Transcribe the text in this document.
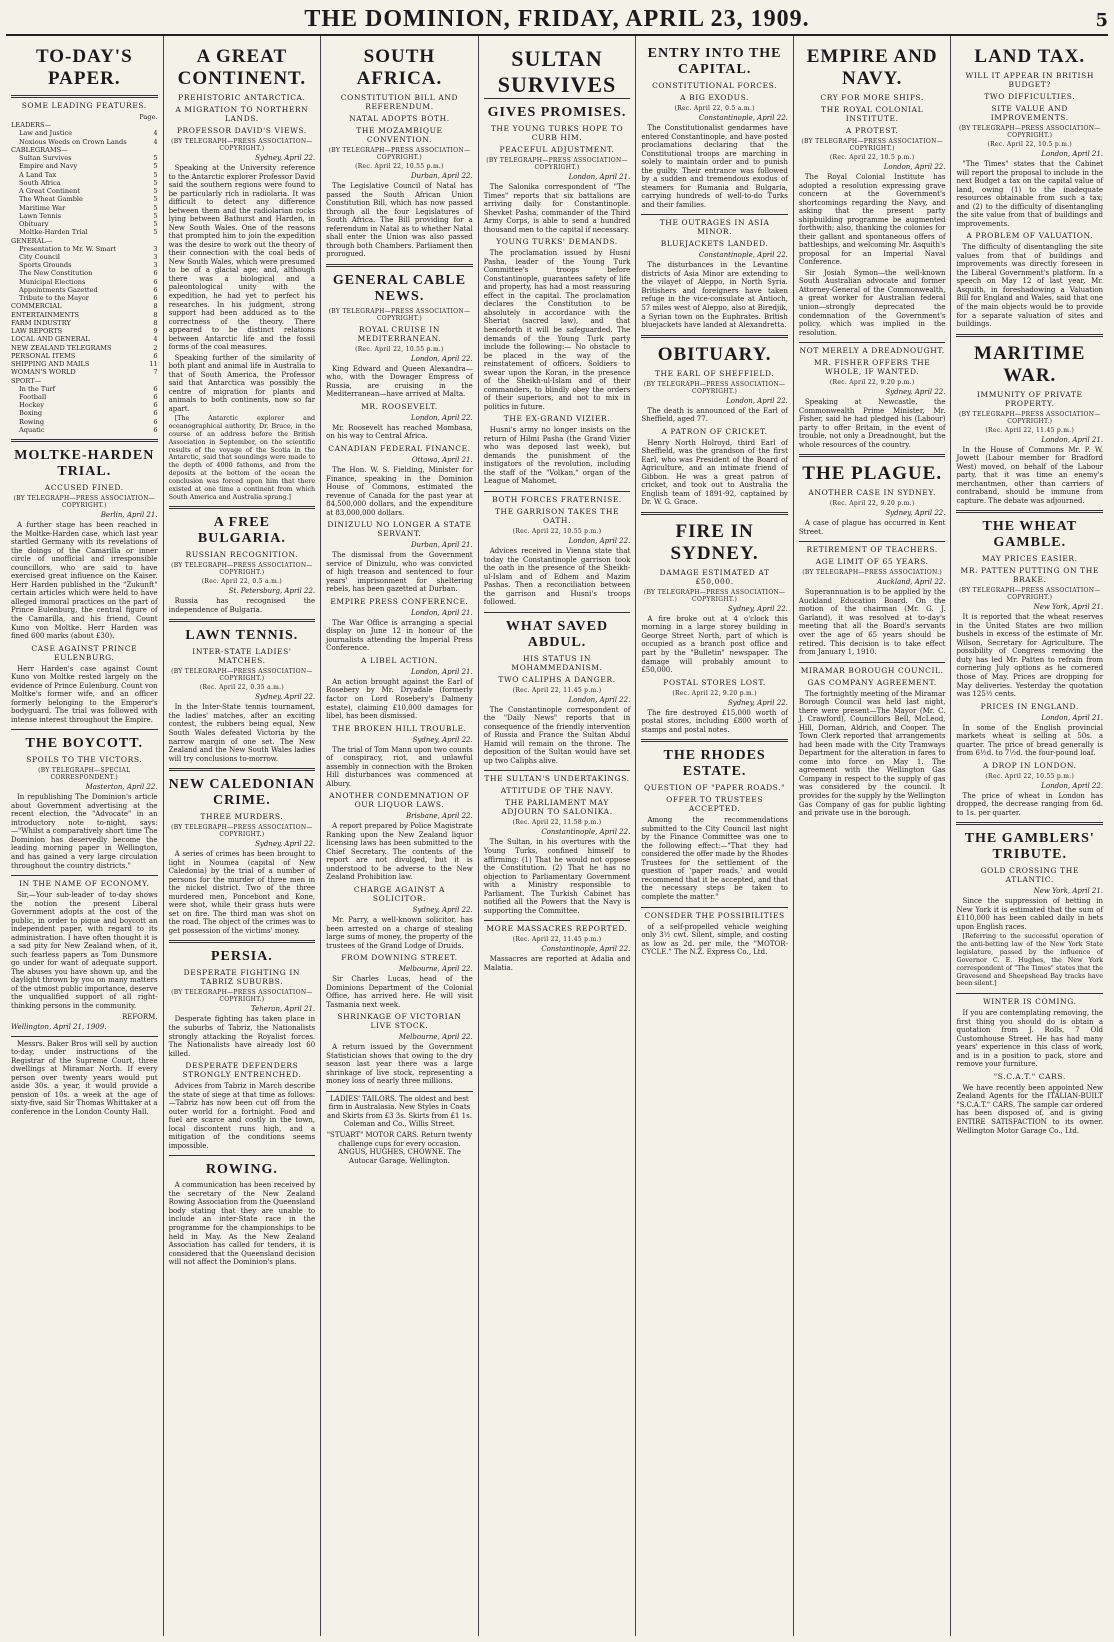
THE DOMINION, FRIDAY, APRIL 23, 1909.	5
TO-DAY'S PAPER.
SOME LEADING FEATURES.
Page.
LEADERS—
Law and Justice	4
Noxious Weeds on Crown Lands	4
CABLEGRAMS—
Sultan Survives	5
Empire and Navy	5
A Land Tax	5
South Africa	5
A Great Continent	5
The Wheat Gamble	5
Maritime War	5
Lawn Tennis	5
Obituary	5
Moltke-Harden Trial	5
GENERAL—
Presentation to Mr. W. Smart	3
City Council	3
Sports Grounds	3
The New Constitution	6
Municipal Elections	6
Appointments Gazetted	6
Tribute to the Mayor	6
COMMERCIAL	8
ENTERTAINMENTS	8
FARM INDUSTRY	8
LAW REPORTS	9
LOCAL AND GENERAL	4
NEW ZEALAND TELEGRAMS	2
PERSONAL ITEMS	6
SHIPPING AND MAILS	11
WOMAN'S WORLD	7
SPORT—
In the Turf	6
Football	6
Hockey	6
Boxing	6
Rowing	6
Aquatic	6
MOLTKE-HARDEN TRIAL.
ACCUSED FINED.
(BY TELEGRAPH—PRESS ASSOCIATION—COPYRIGHT.)
Berlin, April 21.

A further stage has been reached in the Moltke-Harden case, which last year startled Germany with its revelations of the doings of the Camarilla or inner circle of unofficial and irresponsible councillors, who are said to have exercised great influence on the Kaiser. Herr Harden published in the "Zukunft" certain articles which were held to have alleged immoral practices on the part of Prince Eulenburg, the central figure of the Camarilla, and his friend, Count Kuno von Moltke. Herr Harden was fined 600 marks (about £30).

CASE AGAINST PRINCE EULENBURG.

Herr Harden's case against Count Kuno von Moltke rested largely on the evidence of Prince Eulenburg. Count von Moltke's former wife, and an officer formerly belonging to the Emperor's bodyguard. The trial was followed with intense interest throughout the Empire.

THE BOYCOTT.
SPOILS TO THE VICTORS.
(BY TELEGRAPH—SPECIAL CORRESPONDENT.)
Masterton, April 22.

In republishing The Dominion's article about Government advertising at the recent election, the "Advocate" in an introductory note to-night, says:—"Whilst a comparatively short time The Dominion has deservedly become the leading morning paper in Wellington, and has gained a very large circulation throughout the country districts."

IN THE NAME OF ECONOMY.

Sir,—Your sub-leader of to-day shows the notion the present Liberal Government adopts at the cost of the public, in order to pique and boycott an independent paper, with regard to its administration. I have often thought it is a sad pity for New Zealand when, of it, such fearless papers as Tom Dunsmore go under for want of adequate support. The abuses you have shown up, and the daylight thrown by you on many matters of the utmost public importance, deserve the unqualified support of all right-thinking persons in the community.

REFORM.
Wellington, April 21, 1909.

Messrs. Baker Bros will sell by auction to-day, under instructions of the Registrar of the Supreme Court, three dwellings at Miramar North. If every person over twenty years would put aside 30s. a year, it would provide a pension of 10s. a week at the age of sixty-five, said Sir Thomas Whittaker at a conference in the London County Hall.

A GREAT CONTINENT.
PREHISTORIC ANTARCTICA.
A MIGRATION TO NORTHERN LANDS.
PROFESSOR DAVID'S VIEWS.
(BY TELEGRAPH—PRESS ASSOCIATION—COPYRIGHT.)
Sydney, April 22.

Speaking at the University reference to the Antarctic explorer Professor David said the southern regions were found to be particularly rich in radiolaria. It was difficult to detect any difference between them and the radiolarian rocks lying between Bathurst and Harden, in New South Wales. One of the reasons that prompted him to join the expedition was the desire to work out the theory of their connection with the coal beds of New South Wales, which were presumed to be of a glacial age; and, although there was a biological and a paleontological unity with the expedition, he had yet to perfect his researches. In his judgment, strong support had been adduced as to the correctness of the theory. There appeared to be distinct relations between Antarctic life and the fossil forms of the coal measures.

Speaking further of the similarity of both plant and animal life in Australia to that of South America, the Professor said that Antarctica was possibly the centre of migration for plants and animals to both continents, now so far apart.

[The Antarctic explorer and oceanographical authority, Dr. Bruce, in the course of an address before the British Association in September, on the scientific results of the voyage of the Scotia in the Antarctic, said that soundings were made to the depth of 4000 fathoms, and from the deposits at the bottom of the ocean the conclusion was forced upon him that there existed at one time a continent from which South America and Australia sprang.]

A FREE BULGARIA.
RUSSIAN RECOGNITION.
(BY TELEGRAPH—PRESS ASSOCIATION—COPYRIGHT.)
(Rec. April 22, 0.5 a.m.)
St. Petersburg, April 22.

Russia has recognised the independence of Bulgaria.

LAWN TENNIS.
INTER-STATE LADIES' MATCHES.
(BY TELEGRAPH—PRESS ASSOCIATION—COPYRIGHT.)
(Rec. April 22, 0.35 a.m.)
Sydney, April 22.

In the Inter-State tennis tournament, the ladies' matches, after an exciting contest, the rubbers being equal, New South Wales defeated Victoria by the narrow margin of one set. The New Zealand and the New South Wales ladies will try conclusions to-morrow.

NEW CALEDONIAN CRIME.
THREE MURDERS.
(BY TELEGRAPH—PRESS ASSOCIATION—COPYRIGHT.)
Sydney, April 22.

A series of crimes has been brought to light in Noumea (capital of New Caledonia) by the trial of a number of persons for the murder of three men in the nickel district. Two of the three murdered men, Poncebont and Kone, were shot, while their grass huts were set on fire. The third man was shot on the road. The object of the crimes was to get possession of the victims' money.

PERSIA.
DESPERATE FIGHTING IN TABRIZ SUBURBS.
(BY TELEGRAPH—PRESS ASSOCIATION—COPYRIGHT.)
Teheran, April 21.

Desperate fighting has taken place in the suburbs of Tabriz, the Nationalists strongly attacking the Royalist forces. The Nationalists have already lost 60 killed.

DESPERATE DEFENDERS STRONGLY ENTRENCHED.

Advices from Tabriz in March describe the state of siege at that time as follows:—Tabriz has now been cut off from the outer world for a fortnight. Food and fuel are scarce and costly in the town, local discontent runs high, and a mitigation of the conditions seems impossible.

ROWING.

A communication has been received by the secretary of the New Zealand Rowing Association from the Queensland body stating that they are unable to include an inter-State race in the programme for the championships to be held in May. As the New Zealand Association has called for tenders, it is considered that the Queensland decision will not affect the Dominion's plans.

SOUTH AFRICA.
CONSTITUTION BILL AND REFERENDUM.
NATAL ADOPTS BOTH.
THE MOZAMBIQUE CONVENTION.
(BY TELEGRAPH—PRESS ASSOCIATION—COPYRIGHT.)
(Rec. April 22, 10.55 p.m.)
Durban, April 22.

The Legislative Council of Natal has passed the South African Union Constitution Bill, which has now passed through all the four Legislatures of South Africa. The Bill providing for a referendum in Natal as to whether Natal shall enter the Union was also passed through both Chambers. Parliament then prorogued.

GENERAL CABLE NEWS.
(BY TELEGRAPH—PRESS ASSOCIATION—COPYRIGHT.)
ROYAL CRUISE IN MEDITERRANEAN.
(Rec. April 22, 10.55 p.m.)
London, April 22.

King Edward and Queen Alexandra—who, with the Dowager Empress of Russia, are cruising in the Mediterranean—have arrived at Malta.

MR. ROOSEVELT.
London, April 22.

Mr. Roosevelt has reached Mombasa, on his way to Central Africa.

CANADIAN FEDERAL FINANCE.
Ottawa, April 21.

The Hon. W. S. Fielding, Minister for Finance, speaking in the Dominion House of Commons, estimated the revenue of Canada for the past year at 84,500,000 dollars, and the expenditure at 83,000,000 dollars.

DINIZULU NO LONGER A STATE SERVANT.
Durban, April 21.

The dismissal from the Government service of Dinizulu, who was convicted of high treason and sentenced to four years' imprisonment for sheltering rebels, has been gazetted at Durban.

EMPIRE PRESS CONFERENCE.
London, April 21.

The War Office is arranging a special display on June 12 in honour of the journalists attending the Imperial Press Conference.

A LIBEL ACTION.
London, April 21.

An action brought against the Earl of Rosebery by Mr. Dryadale (formerly factor on Lord Rosebery's Dalmeny estate), claiming £10,000 damages for libel, has been dismissed.

THE BROKEN HILL TROUBLE.
Sydney, April 22.

The trial of Tom Mann upon two counts of conspiracy, riot, and unlawful assembly in connection with the Broken Hill disturbances was commenced at Albury.

ANOTHER CONDEMNATION OF OUR LIQUOR LAWS.
Brisbane, April 22.

A report prepared by Police Magistrate Ranking upon the New Zealand liquor licensing laws has been submitted to the Chief Secretary. The contents of the report are not divulged, but it is understood to be adverse to the New Zealand Prohibition law.

CHARGE AGAINST A SOLICITOR.
Sydney, April 22.

Mr. Parry, a well-known solicitor, has been arrested on a charge of stealing large sums of money, the property of the trustees of the Grand Lodge of Druids.

FROM DOWNING STREET.
Melbourne, April 22.

Sir Charles Lucas, head of the Dominions Department of the Colonial Office, has arrived here. He will visit Tasmania next week.

SHRINKAGE OF VICTORIAN LIVE STOCK.
Melbourne, April 22.

A return issued by the Government Statistician shows that owing to the dry season last year there was a large shrinkage of live stock, representing a money loss of nearly three millions.

LADIES' TAILORS. The oldest and best firm in Australasia. New Styles in Coats and Skirts from £3 3s. Skirts from £1 1s. Coleman and Co., Willis Street.

"STUART" MOTOR CARS. Return twenty challenge cups for every occasion. ANGUS, HUGHES, CHOWNE. The Autocar Garage, Wellington.

SULTAN SURVIVES
GIVES PROMISES.
THE YOUNG TURKS HOPE TO CURB HIM.
PEACEFUL ADJUSTMENT.
(BY TELEGRAPH—PRESS ASSOCIATION—COPYRIGHT.)
London, April 21.

The Salonika correspondent of "The Times" reports that six battalions are arriving daily for Constantinople. Shevket Pasha, commander of the Third Army Corps, is able to send a hundred thousand men to the capital if necessary.

YOUNG TURKS' DEMANDS.

The proclamation issued by Husni Pasha, leader of the Young Turk Committee's troops before Constantinople, guarantees safety of life and property, has had a most reassuring effect in the capital. The proclamation declares the Constitution to be absolutely in accordance with the Sheriat (sacred law), and that henceforth it will be safeguarded. The demands of the Young Turk party include the following:— No obstacle to be placed in the way of the reinstatement of officers. Soldiers to swear upon the Koran, in the presence of the Sheikh-ul-Islam and of their commanders, to blindly obey the orders of their superiors, and not to mix in politics in future.

THE EX-GRAND VIZIER.

Husni's army no longer insists on the return of Hilmi Pasha (the Grand Vizier who was deposed last week), but demands the punishment of the instigators of the revolution, including the staff of the "Volkan," organ of the League of Mahomet.

BOTH FORCES FRATERNISE.
THE GARRISON TAKES THE OATH.
(Rec. April 22, 10.55 p.m.)
London, April 22.

Advices received in Vienna state that today the Constantinople garrison took the oath in the presence of the Sheikh-ul-Islam and of Edhem and Mazim Pashas. Then a reconciliation between the garrison and Husni's troops followed.

WHAT SAVED ABDUL.
HIS STATUS IN MOHAMMEDANISM.
TWO CALIPHS A DANGER.
(Rec. April 22, 11.45 p.m.)
London, April 22.

The Constantinople correspondent of the "Daily News" reports that in consequence of the friendly intervention of Russia and France the Sultan Abdul Hamid will remain on the throne. The deposition of the Sultan would have set up two Caliphs alive.

THE SULTAN'S UNDERTAKINGS.
ATTITUDE OF THE NAVY.
THE PARLIAMENT MAY ADJOURN TO SALONIKA.
(Rec. April 22, 11.58 p.m.)
Constantinople, April 22.

The Sultan, in his overtures with the Young Turks, confined himself to affirming: (1) That he would not oppose the Constitution. (2) That he has no objection to Parliamentary Government with a Ministry responsible to Parliament. The Turkish Cabinet has notified all the Powers that the Navy is supporting the Committee.

MORE MASSACRES REPORTED.
(Rec. April 22, 11.45 p.m.)
Constantinople, April 22.

Massacres are reported at Adalia and Malatia.

ENTRY INTO THE CAPITAL.
CONSTITUTIONAL FORCES.
A BIG EXODUS.
(Rec. April 22, 0.5 a.m.)
Constantinople, April 22.

The Constitutionalist gendarmes have entered Constantinople, and have posted proclamations declaring that the Constitutional troops are marching in solely to maintain order and to punish the guilty. Their entrance was followed by a sudden and tremendous exodus of steamers for Rumania and Bulgaria, carrying hundreds of well-to-do Turks and their families.

THE OUTRAGES IN ASIA MINOR.
BLUEJACKETS LANDED.
Constantinople, April 22.

The disturbances in the Levantine districts of Asia Minor are extending to the vilayet of Aleppo, in North Syria. Britishers and foreigners have taken refuge in the vice-consulate at Antioch, 57 miles west of Aleppo, also at Biredjik, a Syrian town on the Euphrates. British bluejackets have landed at Alexandretta.

OBITUARY.
THE EARL OF SHEFFIELD.
(BY TELEGRAPH—PRESS ASSOCIATION—COPYRIGHT.)
London, April 22.

The death is announced of the Earl of Sheffield, aged 77.

A PATRON OF CRICKET.

Henry North Holroyd, third Earl of Sheffield, was the grandson of the first Earl, who was President of the Board of Agriculture, and an intimate friend of Gibbon. He was a great patron of cricket, and took out to Australia the English team of 1891-92, captained by Dr. W. G. Grace.

FIRE IN SYDNEY.
DAMAGE ESTIMATED AT £50,000.
(BY TELEGRAPH—PRESS ASSOCIATION—COPYRIGHT.)
Sydney, April 22.

A fire broke out at 4 o'clock this morning in a large storey building in George Street North, part of which is occupied as a branch post office and part by the "Bulletin" newspaper. The damage will probably amount to £50,000.

POSTAL STORES LOST.
(Rec. April 22, 9.20 p.m.)
Sydney, April 22.

The fire destroyed £15,000 worth of postal stores, including £800 worth of stamps and postal notes.

THE RHODES ESTATE.
QUESTION OF "PAPER ROADS."
OFFER TO TRUSTEES ACCEPTED.

Among the recommendations submitted to the City Council last night by the Finance Committee was one to the following effect:—"That they had considered the offer made by the Rhodes Trustees for the settlement of the question of 'paper roads,' and would recommend that it be accepted, and that the necessary steps be taken to complete the matter."

CONSIDER THE POSSIBILITIES

of a self-propelled vehicle weighing only 3½ cwt. Silent, simple, and costing as low as 2d. per mile, the "MOTOR-CYCLE." The N.Z. Express Co., Ltd.

EMPIRE AND NAVY.
CRY FOR MORE SHIPS.
THE ROYAL COLONIAL INSTITUTE.
A PROTEST.
(BY TELEGRAPH—PRESS ASSOCIATION—COPYRIGHT.)
(Rec. April 22, 10.5 p.m.)
London, April 22.

The Royal Colonial Institute has adopted a resolution expressing grave concern at the Government's shortcomings regarding the Navy, and asking that the present party shipbuilding programme be augmented forthwith; also, thanking the colonies for their gallant and spontaneous offers of battleships, and welcoming Mr. Asquith's proposal for an Imperial Naval Conference.

Sir Josiah Symon—the well-known South Australian advocate and former Attorney-General of the Commonwealth, a great worker for Australian federal union—strongly deprecated the condemnation of the Government's policy, which was implied in the resolution.

NOT MERELY A DREADNOUGHT.
MR. FISHER OFFERS THE WHOLE, IF WANTED.
(Rec. April 22, 9.20 p.m.)
Sydney, April 22.

Speaking at Newcastle, the Commonwealth Prime Minister, Mr. Fisher, said he had pledged his (Labour) party to offer Britain, in the event of trouble, not only a Dreadnought, but the whole resources of the country.

THE PLAGUE.
ANOTHER CASE IN SYDNEY.
(Rec. April 22, 9.20 p.m.)
Sydney, April 22.

A case of plague has occurred in Kent Street.

RETIREMENT OF TEACHERS.
AGE LIMIT OF 65 YEARS.
(BY TELEGRAPH—PRESS ASSOCIATION.)
Auckland, April 22.

Superannuation is to be applied by the Auckland Education Board. On the motion of the chairman (Mr. G. J. Garland), it was resolved at to-day's meeting that all the Board's servants over the age of 65 years should be retired. This decision is to take effect from January 1, 1910.

MIRAMAR BOROUGH COUNCIL.
GAS COMPANY AGREEMENT.

The fortnightly meeting of the Miramar Borough Council was held last night, there were present—The Mayor (Mr. C. J. Crawford), Councillors Bell, McLeod, Hill, Dornan, Aldrich, and Cooper. The Town Clerk reported that arrangements had been made with the City Tramways Department for the alteration in fares to come into force on May 1. The agreement with the Wellington Gas Company in respect to the supply of gas was considered by the council. It provides for the supply by the Wellington Gas Company of gas for public lighting and private use in the borough.

LAND TAX.
WILL IT APPEAR IN BRITISH BUDGET?
TWO DIFFICULTIES.
SITE VALUE AND IMPROVEMENTS.
(BY TELEGRAPH—PRESS ASSOCIATION—COPYRIGHT.)
(Rec. April 22, 10.5 p.m.)
London, April 21.

"The Times" states that the Cabinet will report the proposal to include in the next Budget a tax on the capital value of land, owing (1) to the inadequate resources obtainable from such a tax; and (2) to the difficulty of disentangling the site value from that of buildings and improvements.

A PROBLEM OF VALUATION.

The difficulty of disentangling the site values from that of buildings and improvements was directly foreseen in the Liberal Government's platform. In a speech on May 12 of last year, Mr. Asquith, in foreshadowing a Valuation Bill for England and Wales, said that one of the main objects would be to provide for a separate valuation of sites and buildings.

MARITIME WAR.
IMMUNITY OF PRIVATE PROPERTY.
(BY TELEGRAPH—PRESS ASSOCIATION—COPYRIGHT.)
(Rec. April 22, 11.45 p.m.)
London, April 21.

In the House of Commons Mr. P. W. Jowett (Labour member for Bradford West) moved, on behalf of the Labour party, that it was time an enemy's merchantmen, other than carriers of contraband, should be immune from capture. The debate was adjourned.

THE WHEAT GAMBLE.
MAY PRICES EASIER.
MR. PATTEN PUTTING ON THE BRAKE.
(BY TELEGRAPH—PRESS ASSOCIATION—COPYRIGHT.)
New York, April 21.

It is reported that the wheat reserves in the United States are two million bushels in excess of the estimate of Mr. Wilson, Secretary for Agriculture. The possibility of Congress removing the duty has led Mr. Patten to refrain from cornering July options as he cornered those of May. Prices are dropping for May deliveries. Yesterday the quotation was 125½ cents.

PRICES IN ENGLAND.
London, April 21.

In some of the English provincial markets wheat is selling at 50s. a quarter. The price of bread generally is from 6½d. to 7½d. the four-pound loaf.

A DROP IN LONDON.
(Rec. April 22, 10.55 p.m.)
London, April 22.

The price of wheat in London has dropped, the decrease ranging from 6d. to 1s. per quarter.

THE GAMBLERS' TRIBUTE.
GOLD CROSSING THE ATLANTIC.
New York, April 21.

Since the suppression of betting in New York it is estimated that the sum of £110,000 has been cabled daily in bets upon English races.

[Referring to the successful operation of the anti-betting law of the New York State legislature, passed by the influence of Governor C. E. Hughes, the New York correspondent of "The Times" states that the Gravesend and Sheepshead Bay tracks have been silent.]

WINTER IS COMING.

If you are contemplating removing, the first thing you should do is obtain a quotation from J. Rolls, 7 Old Customhouse Street. He has had many years' experience in this class of work, and is in a position to pack, store and remove your furniture.

"S.C.A.T." CARS.

We have recently been appointed New Zealand Agents for the ITALIAN-BUILT "S.C.A.T." CARS. The sample car ordered has been disposed of, and is giving ENTIRE SATISFACTION to its owner. Wellington Motor Garage Co., Ltd.
